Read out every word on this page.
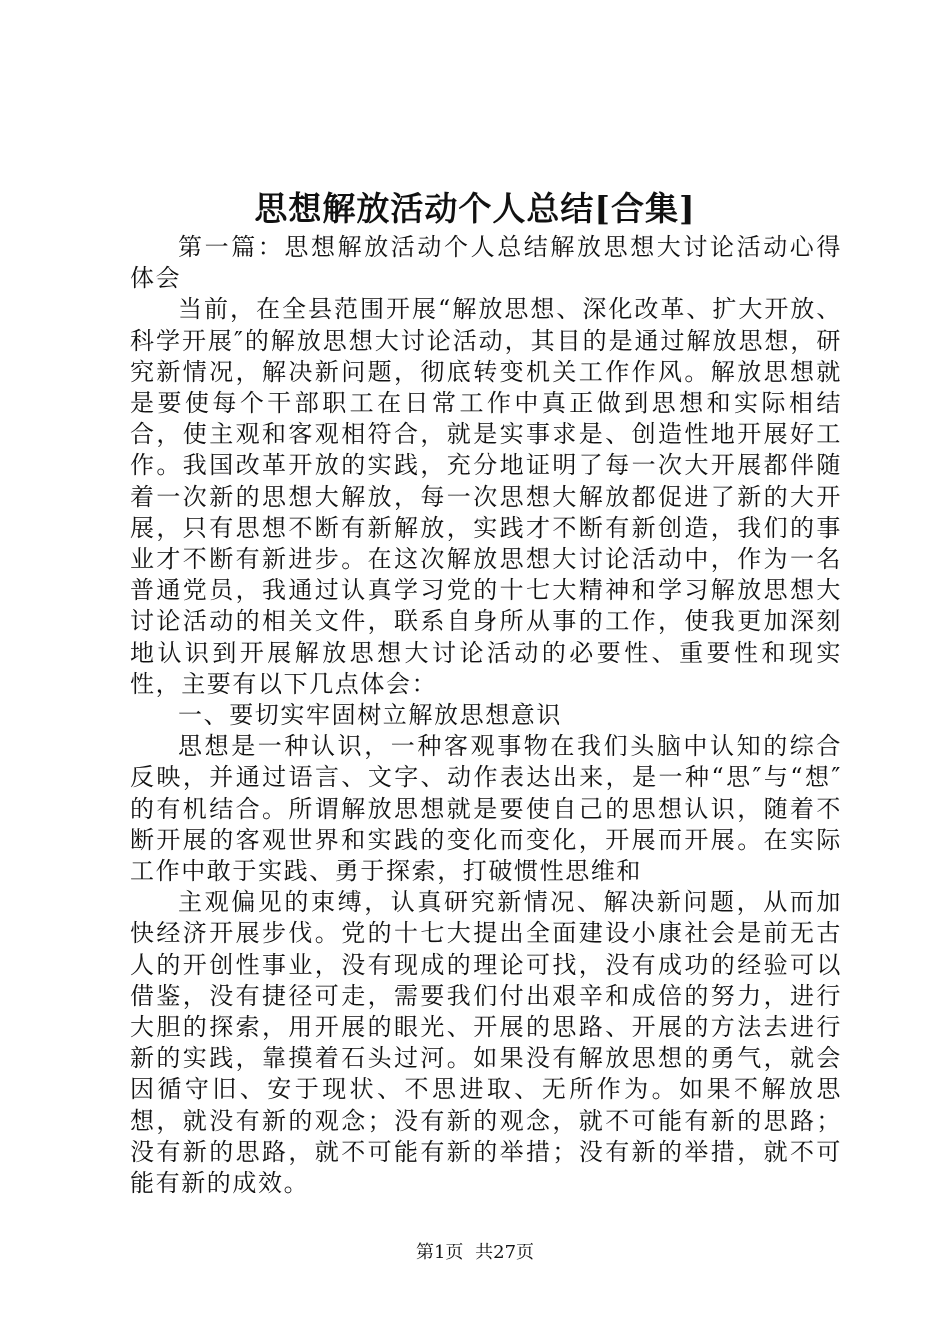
思想解放活动个人总结[合集]

第一篇：思想解放活动个人总结解放思想大讨论活动心得体会

当前，在全县范围开展“解放思想、深化改革、扩大开放、科学开展″的解放思想大讨论活动，其目的是通过解放思想，研究新情况，解决新问题，彻底转变机关工作作风。解放思想就是要使每个干部职工在日常工作中真正做到思想和实际相结合，使主观和客观相符合，就是实事求是、创造性地开展好工作。我国改革开放的实践，充分地证明了每一次大开展都伴随着一次新的思想大解放，每一次思想大解放都促进了新的大开展，只有思想不断有新解放，实践才不断有新创造，我们的事业才不断有新进步。在这次解放思想大讨论活动中，作为一名普通党员，我通过认真学习党的十七大精神和学习解放思想大讨论活动的相关文件，联系自身所从事的工作，使我更加深刻地认识到开展解放思想大讨论活动的必要性、重要性和现实性，主要有以下几点体会：

一、要切实牢固树立解放思想意识

思想是一种认识，一种客观事物在我们头脑中认知的综合反映，并通过语言、文字、动作表达出来，是一种“思″与“想″的有机结合。所谓解放思想就是要使自己的思想认识，随着不断开展的客观世界和实践的变化而变化，开展而开展。在实际工作中敢于实践、勇于探索，打破惯性思维和

主观偏见的束缚，认真研究新情况、解决新问题，从而加快经济开展步伐。党的十七大提出全面建设小康社会是前无古人的开创性事业，没有现成的理论可找，没有成功的经验可以借鉴，没有捷径可走，需要我们付出艰辛和成倍的努力，进行大胆的探索，用开展的眼光、开展的思路、开展的方法去进行新的实践，靠摸着石头过河。如果没有解放思想的勇气，就会因循守旧、安于现状、不思进取、无所作为。如果不解放思想，就没有新的观念；没有新的观念，就不可能有新的思路；没有新的思路，就不可能有新的举措；没有新的举措，就不可能有新的成效。

第1页 共27页
